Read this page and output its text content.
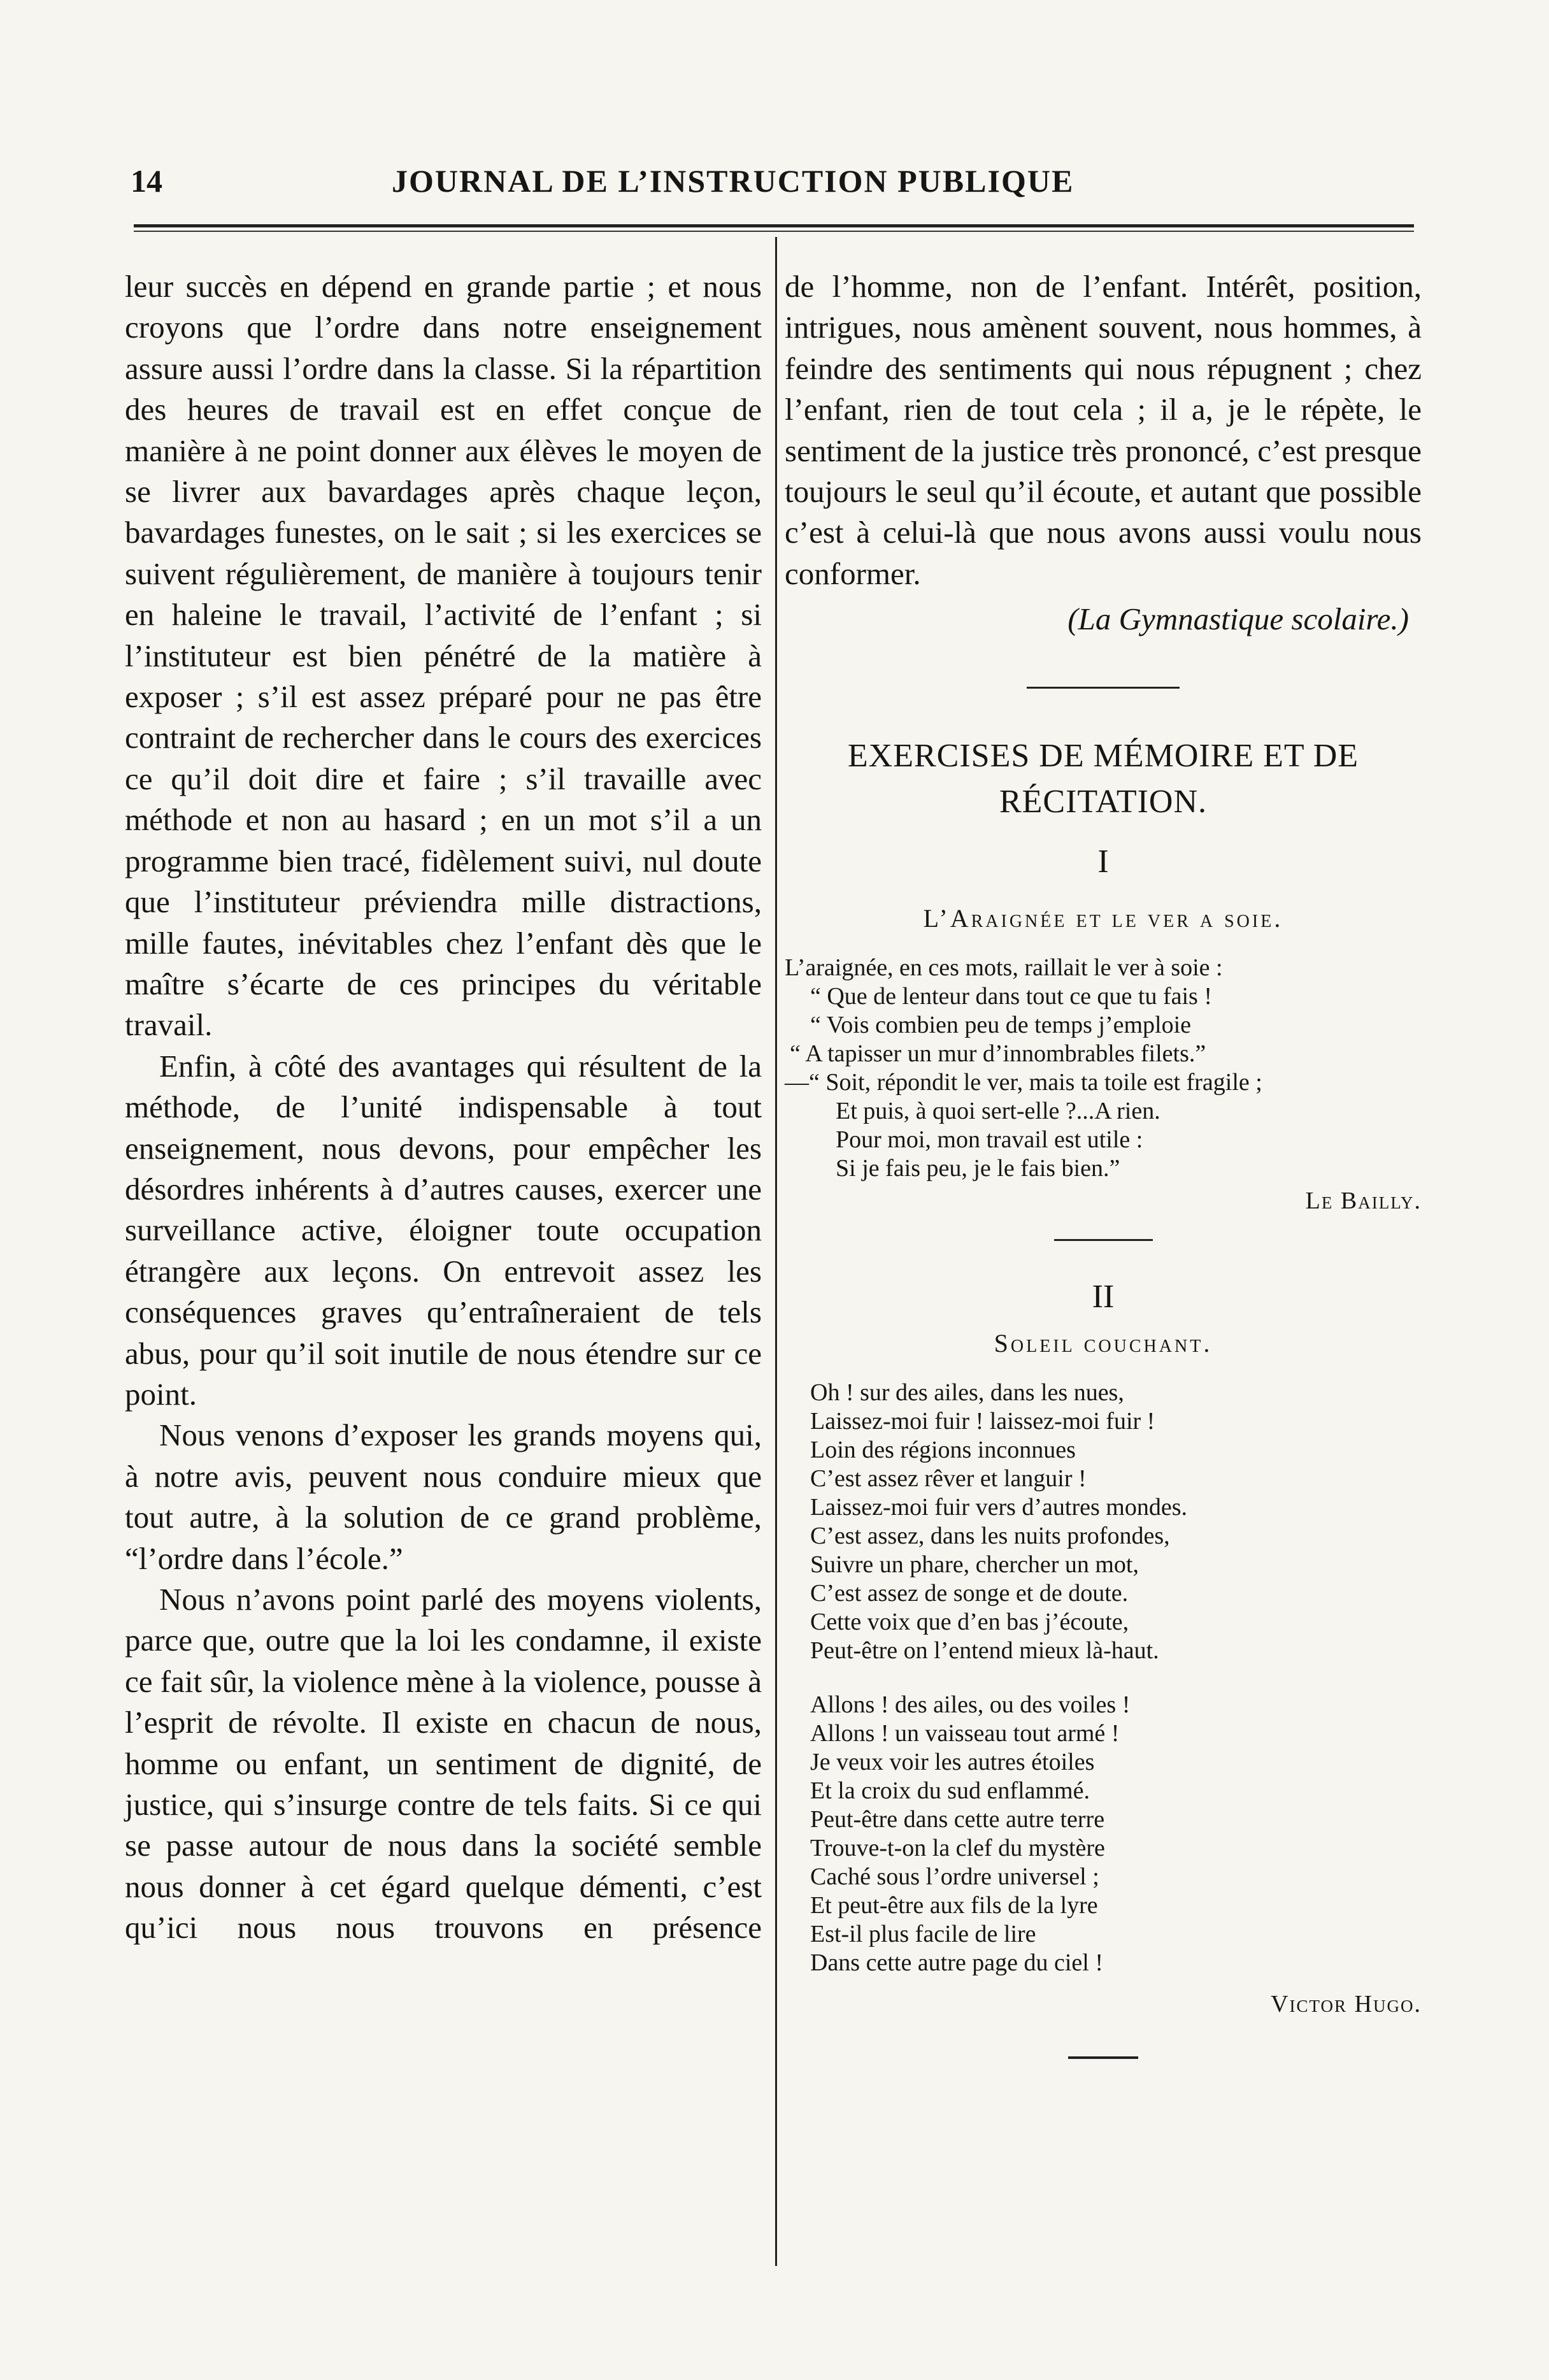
14	JOURNAL DE L’INSTRUCTION PUBLIQUE

leur succès en dépend en grande partie ; et nous croyons que l’ordre dans notre enseignement assure aussi l’ordre dans la classe. Si la répartition des heures de travail est en effet conçue de manière à ne point donner aux élèves le moyen de se livrer aux bavardages après chaque leçon, bavardages funestes, on le sait ; si les exercices se suivent régulièrement, de manière à toujours tenir en haleine le travail, l’activité de l’enfant ; si l’instituteur est bien pénétré de la matière à exposer ; s’il est assez préparé pour ne pas être contraint de rechercher dans le cours des exercices ce qu’il doit dire et faire ; s’il travaille avec méthode et non au hasard ; en un mot s’il a un programme bien tracé, fidèlement suivi, nul doute que l’instituteur préviendra mille distractions, mille fautes, inévitables chez l’enfant dès que le maître s’écarte de ces principes du véritable travail.

Enfin, à côté des avantages qui résultent de la méthode, de l’unité indispensable à tout enseignement, nous devons, pour empêcher les désordres inhérents à d’autres causes, exercer une surveillance active, éloigner toute occupation étrangère aux leçons. On entrevoit assez les conséquences graves qu’entraîneraient de tels abus, pour qu’il soit inutile de nous étendre sur ce point.

Nous venons d’exposer les grands moyens qui, à notre avis, peuvent nous conduire mieux que tout autre, à la solution de ce grand problème, “l’ordre dans l’école.”

Nous n’avons point parlé des moyens violents, parce que, outre que la loi les condamne, il existe ce fait sûr, la violence mène à la violence, pousse à l’esprit de révolte. Il existe en chacun de nous, homme ou enfant, un sentiment de dignité, de justice, qui s’insurge contre de tels faits. Si ce qui se passe autour de nous dans la société semble nous donner à cet égard quelque démenti, c’est qu’ici nous nous trouvons en présence

de l’homme, non de l’enfant. Intérêt, position, intrigues, nous amènent souvent, nous hommes, à feindre des sentiments qui nous répugnent ; chez l’enfant, rien de tout cela ; il a, je le répète, le sentiment de la justice très prononcé, c’est presque toujours le seul qu’il écoute, et autant que possible c’est à celui-là que nous avons aussi voulu nous conformer.

(La Gymnastique scolaire.)

EXERCISES DE MÉMOIRE ET DE

RÉCITATION.

I

L’Araignée et le ver a soie.

L’araignée, en ces mots, raillait le ver à soie :
“ Que de lenteur dans tout ce que tu fais !
“ Vois combien peu de temps j’emploie
“ A tapisser un mur d’innombrables filets.”
—“ Soit, répondit le ver, mais ta toile est fragile ;
Et puis, à quoi sert-elle ?...A rien.
Pour moi, mon travail est utile :
Si je fais peu, je le fais bien.”

Le Bailly.

II

Soleil couchant.

Oh ! sur des ailes, dans les nues,
Laissez-moi fuir ! laissez-moi fuir !
Loin des régions inconnues
C’est assez rêver et languir !
Laissez-moi fuir vers d’autres mondes.
C’est assez, dans les nuits profondes,
Suivre un phare, chercher un mot,
C’est assez de songe et de doute.
Cette voix que d’en bas j’écoute,
Peut-être on l’entend mieux là-haut.
Allons ! des ailes, ou des voiles !
Allons ! un vaisseau tout armé !
Je veux voir les autres étoiles
Et la croix du sud enflammé.
Peut-être dans cette autre terre
Trouve-t-on la clef du mystère
Caché sous l’ordre universel ;
Et peut-être aux fils de la lyre
Est-il plus facile de lire
Dans cette autre page du ciel !

Victor Hugo.
